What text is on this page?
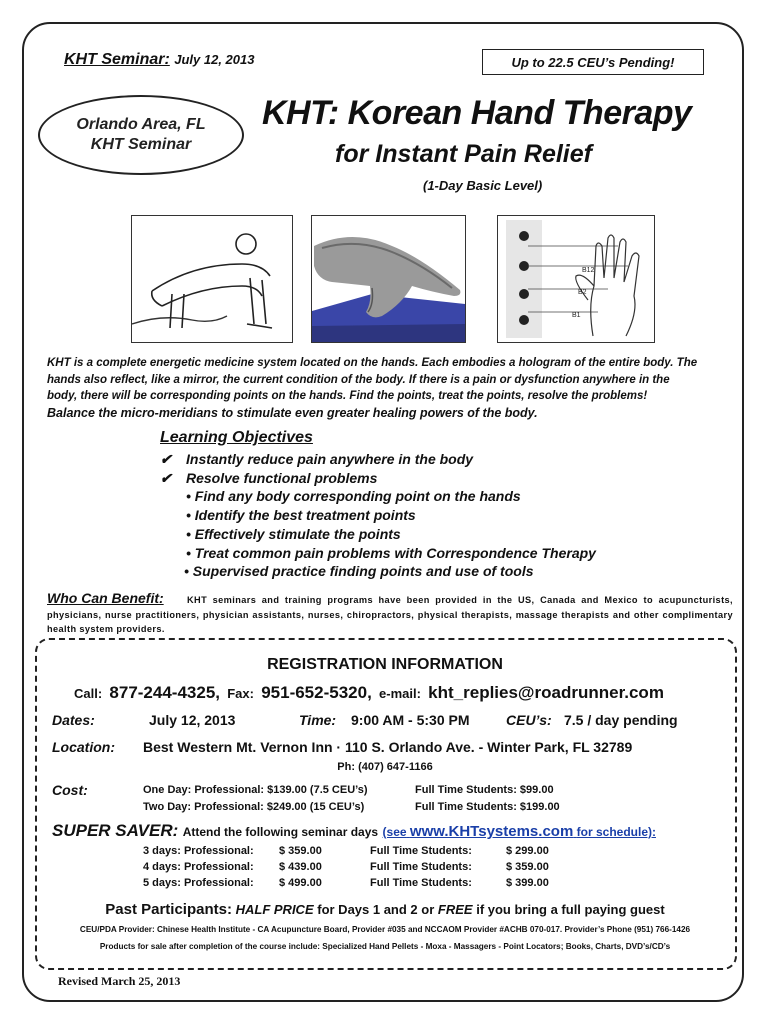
KHT Seminar: July 12, 2013	Up to 22.5 CEU’s Pending!
Orlando Area, FL
KHT Seminar
KHT: Korean Hand Therapy
for Instant Pain Relief
(1-Day Basic Level)
B12
B2
B1
KHT is a complete energetic medicine system located on the hands. Each embodies a hologram of the entire body. The
hands also reflect, like a mirror, the current condition of the body. If there is a pain or dysfunction anywhere in the
body, there will be corresponding points on the hands. Find the points, treat the points, resolve the problems!
Balance the micro-meridians to stimulate even greater healing powers of the body.
Learning Objectives
✔ Instantly reduce pain anywhere in the body
✔ Resolve functional problems
• Find any body corresponding point on the hands
• Identify the best treatment points
• Effectively stimulate the points
• Treat common pain problems with Correspondence Therapy
• Supervised practice finding points and use of tools
Who Can Benefit:	KHT seminars and training programs have been provided in the US, Canada and Mexico to acupuncturists, physicians, nurse practitioners, physician assistants, nurses, chiropractors, physical therapists, massage therapists and other complimentary health system providers.
REGISTRATION INFORMATION
Call: 877-244-4325, Fax: 951-652-5320, e-mail: kht_replies@roadrunner.com
Dates:	July 12, 2013	Time: 9:00 AM - 5:30 PM	CEU’s: 7.5 / day pending
Location: Best Western Mt. Vernon Inn · 110 S. Orlando Ave. - Winter Park, FL 32789
Ph: (407) 647-1166
Cost:	One Day: Professional: $139.00 (7.5 CEU’s)	Full Time Students: $99.00
Two Day: Professional: $249.00 (15 CEU’s)	Full Time Students: $199.00
SUPER SAVER: Attend the following seminar days (see www.KHTsystems.com for schedule):
3 days: Professional: $ 359.00	Full Time Students:	$ 299.00
4 days: Professional: $ 439.00	Full Time Students:	$ 359.00
5 days: Professional: $ 499.00	Full Time Students:	$ 399.00
Past Participants: HALF PRICE for Days 1 and 2 or FREE if you bring a full paying guest
CEU/PDA Provider: Chinese Health Institute - CA Acupuncture Board, Provider #035 and NCCAOM Provider #ACHB 070-017. Provider’s Phone (951) 766-1426
Products for sale after completion of the course include: Specialized Hand Pellets - Moxa - Massagers - Point Locators; Books, Charts, DVD’s/CD’s
Revised March 25, 2013
